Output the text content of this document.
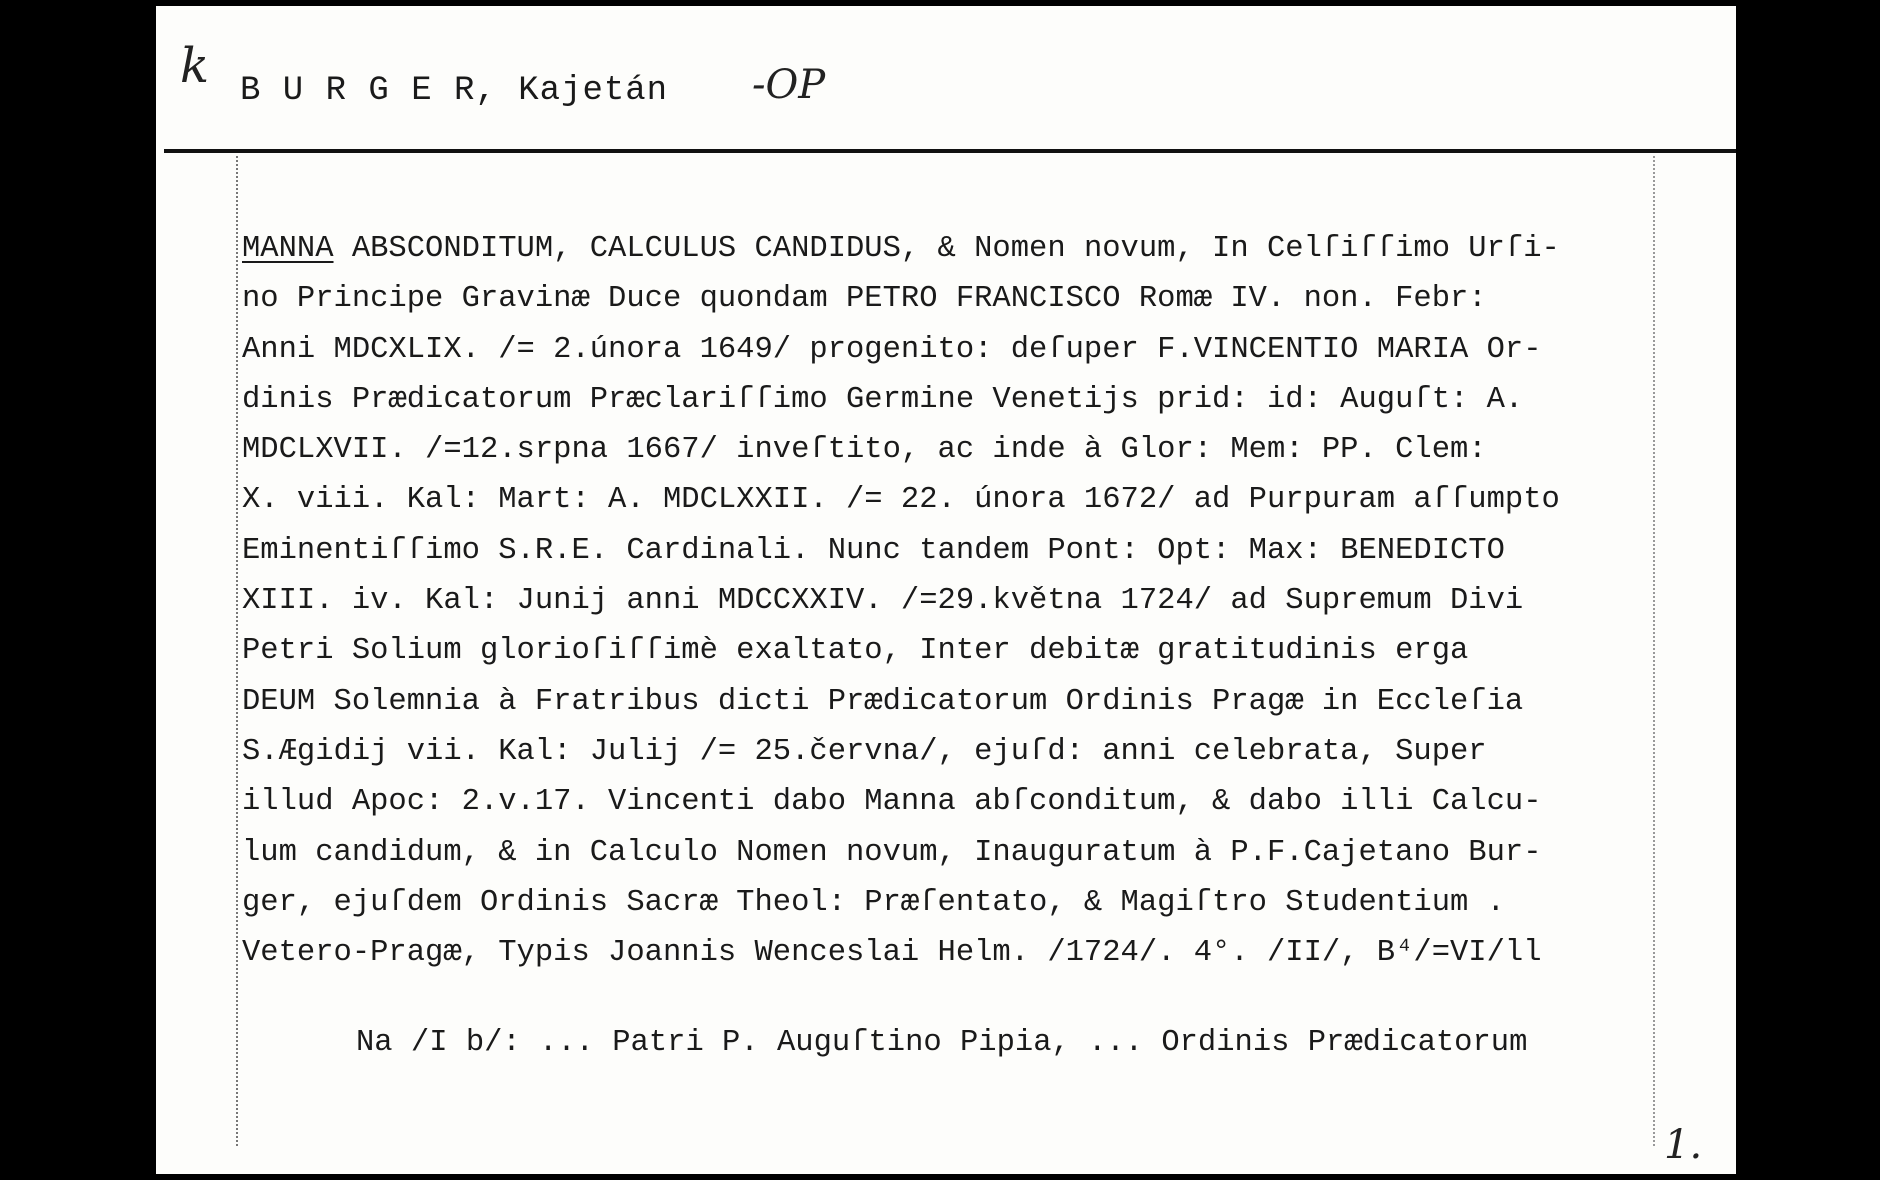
k B U R G E R, Kajetán -OP
MANNA ABSCONDITUM, CALCULUS CANDIDUS, & Nomen novum, In Celſiſſimo Urſi-
no Principe Gravinæ Duce quondam PETRO FRANCISCO Romæ IV. non. Febr:
Anni MDCXLIX. /= 2.února 1649/ progenito: deſuper F.VINCENTIO MARIA Or-
dinis Prædicatorum Præclariſſimo Germine Venetijs prid: id: Auguſt: A.
MDCLXVII. /=12.srpna 1667/ inveſtito, ac inde à Glor: Mem: PP. Clem:
X. viii. Kal: Mart: A. MDCLXXII. /= 22. února 1672/ ad Purpuram aſſumpto
Eminentiſſimo S.R.E. Cardinali. Nunc tandem Pont: Opt: Max: BENEDICTO
XIII. iv. Kal: Junij anni MDCCXXIV. /=29.května 1724/ ad Supremum Divi
Petri Solium glorioſiſſimè exaltato, Inter debitæ gratitudinis erga
DEUM Solemnia à Fratribus dicti Prædicatorum Ordinis Pragæ in Eccleſia
S.Ægidij vii. Kal: Julij /= 25.června/, ejuſd: anni celebrata, Super
illud Apoc: 2.v.17. Vincenti dabo Manna abſconditum, & dabo illi Calcu-
lum candidum, & in Calculo Nomen novum, Inauguratum à P.F.Cajetano Bur-
ger, ejuſdem Ordinis Sacræ Theol: Præſentato, & Magiſtro Studentium .
Vetero-Pragæ, Typis Joannis Wenceslai Helm. /1724/. 4°. /II/, B⁴/=VI/ll
Na /I b/: ... Patri P. Auguſtino Pipia, ... Ordinis Prædicatorum
1.
